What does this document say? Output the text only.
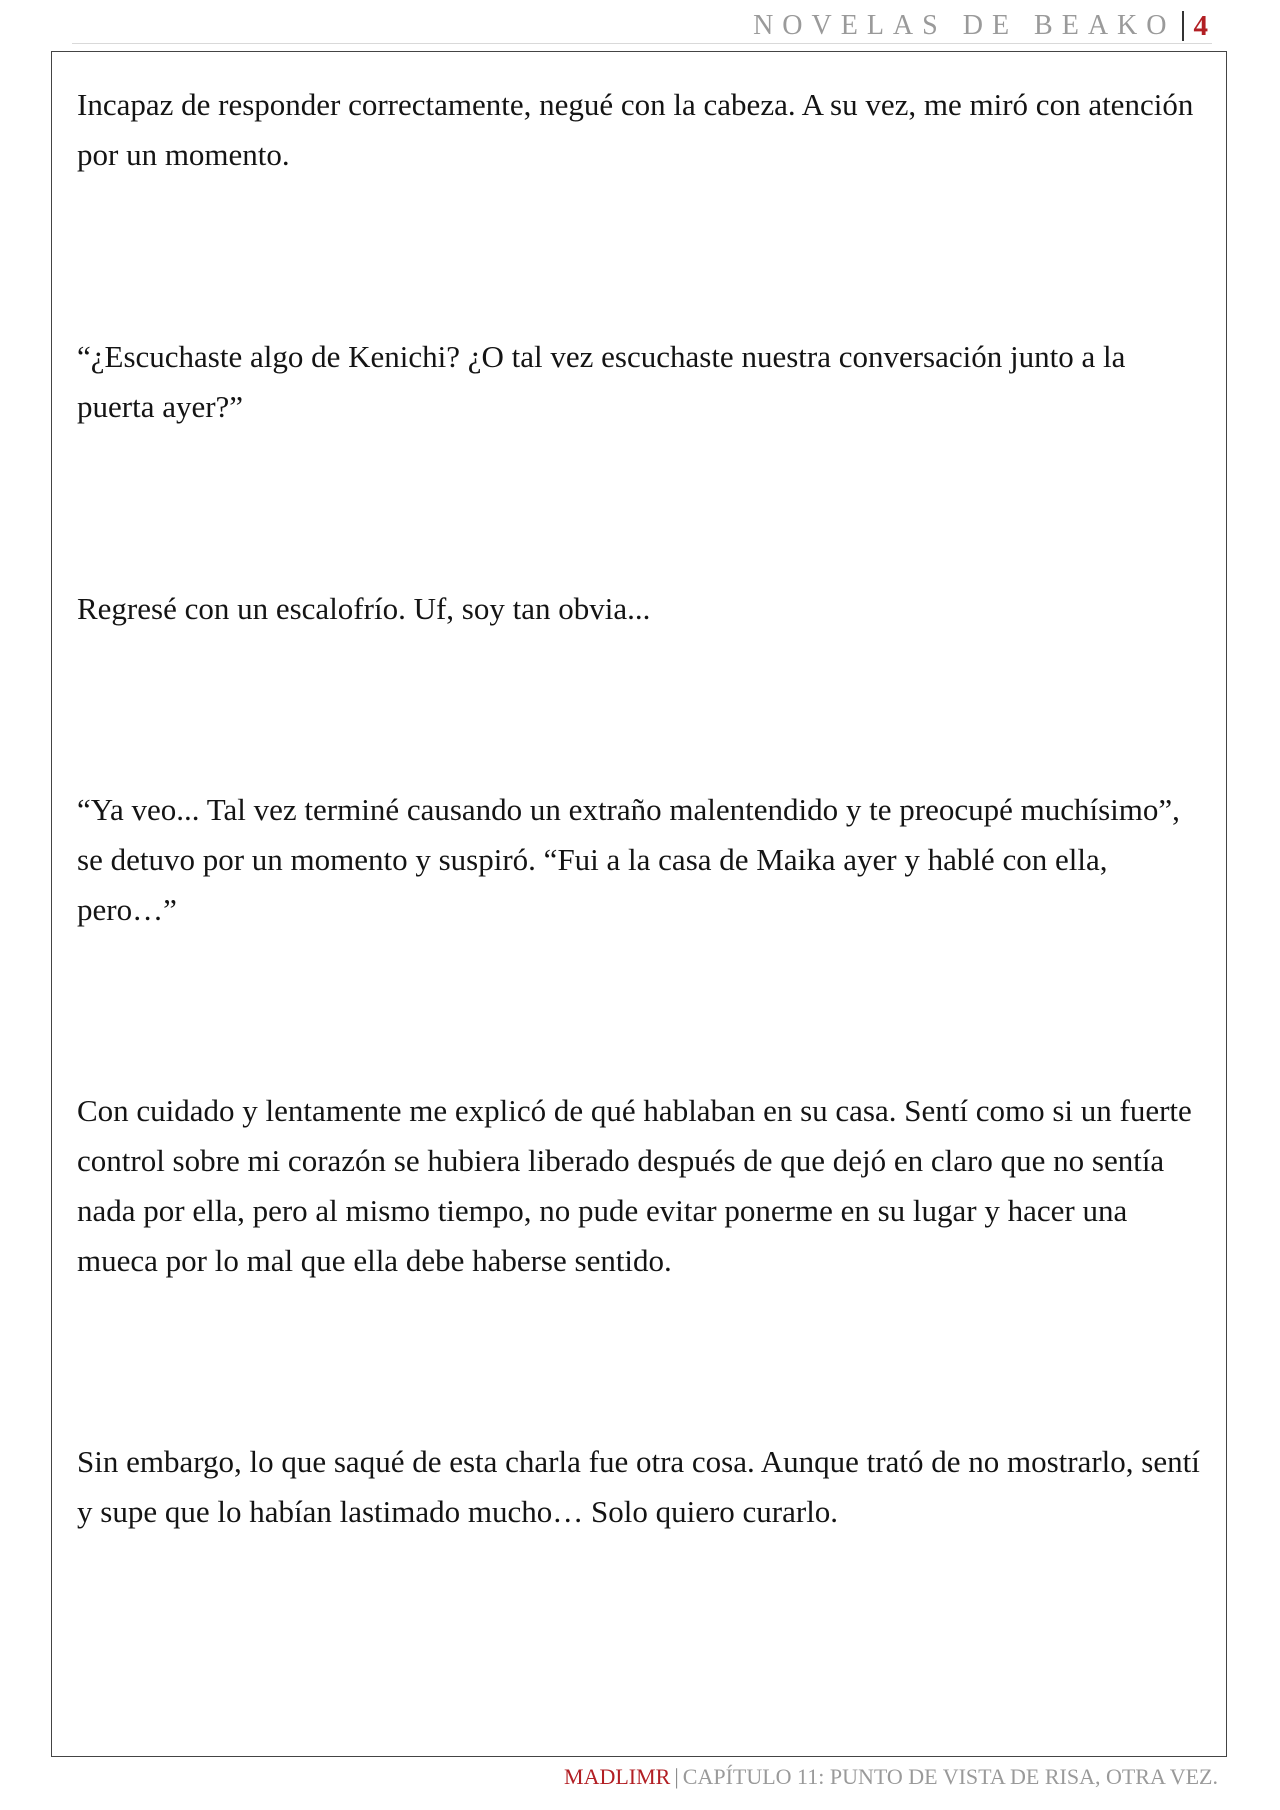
NOVELAS DE BEAKO 4

Incapaz de responder correctamente, negué con la cabeza. A su vez, me miró con atención por un momento.

“¿Escuchaste algo de Kenichi? ¿O tal vez escuchaste nuestra conversación junto a la puerta ayer?”

Regresé con un escalofrío. Uf, soy tan obvia...

“Ya veo... Tal vez terminé causando un extraño malentendido y te preocupé muchísimo”, se detuvo por un momento y suspiró. “Fui a la casa de Maika ayer y hablé con ella, pero…”

Con cuidado y lentamente me explicó de qué hablaban en su casa. Sentí como si un fuerte control sobre mi corazón se hubiera liberado después de que dejó en claro que no sentía nada por ella, pero al mismo tiempo, no pude evitar ponerme en su lugar y hacer una mueca por lo mal que ella debe haberse sentido.

Sin embargo, lo que saqué de esta charla fue otra cosa. Aunque trató de no mostrarlo, sentí y supe que lo habían lastimado mucho… Solo quiero curarlo.

MADLIMR | CAPÍTULO 11: PUNTO DE VISTA DE RISA, OTRA VEZ.
